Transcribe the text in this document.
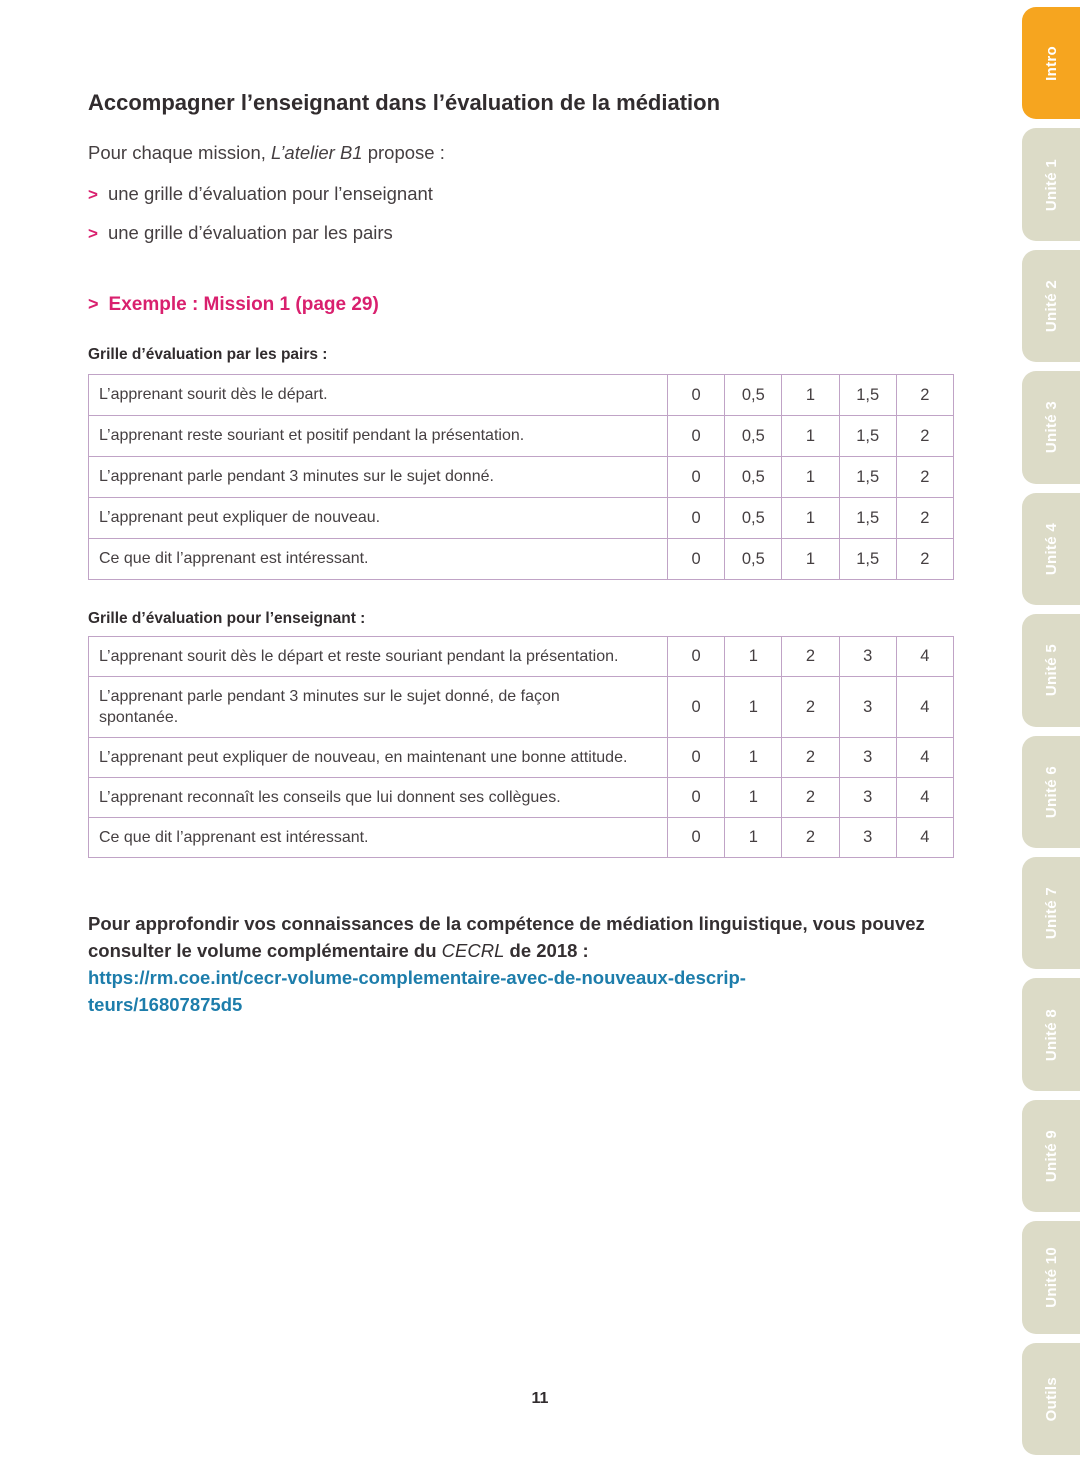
Accompagner l’enseignant dans l’évaluation de la médiation

Pour chaque mission, L’atelier B1 propose :

> une grille d’évaluation pour l’enseignant
> une grille d’évaluation par les pairs
> Exemple : Mission 1 (page 29)
Grille d’évaluation par les pairs :
L’apprenant sourit dès le départ.	0	0,5	1	1,5	2
L’apprenant reste souriant et positif pendant la présentation.	0	0,5	1	1,5	2
L’apprenant parle pendant 3 minutes sur le sujet donné.	0	0,5	1	1,5	2
L’apprenant peut expliquer de nouveau.	0	0,5	1	1,5	2
Ce que dit l’apprenant est intéressant.	0	0,5	1	1,5	2
Grille d’évaluation pour l’enseignant :
L’apprenant sourit dès le départ et reste souriant pendant la présentation.	0	1	2	3	4
L’apprenant parle pendant 3 minutes sur le sujet donné, de façon spontanée.	0	1	2	3	4
L’apprenant peut expliquer de nouveau, en maintenant une bonne attitude.	0	1	2	3	4
L’apprenant reconnaît les conseils que lui donnent ses collègues.	0	1	2	3	4
Ce que dit l’apprenant est intéressant.	0	1	2	3	4
Pour approfondir vos connaissances de la compétence de médiation linguistique, vous pouvez consulter le volume complémentaire du CECRL de 2018 :
https://rm.coe.int/cecr-volume-complementaire-avec-de-nouveaux-descrip-
teurs/16807875d5
11
Intro
Unité 1
Unité 2
Unité 3
Unité 4
Unité 5
Unité 6
Unité 7
Unité 8
Unité 9
Unité 10
Outils
